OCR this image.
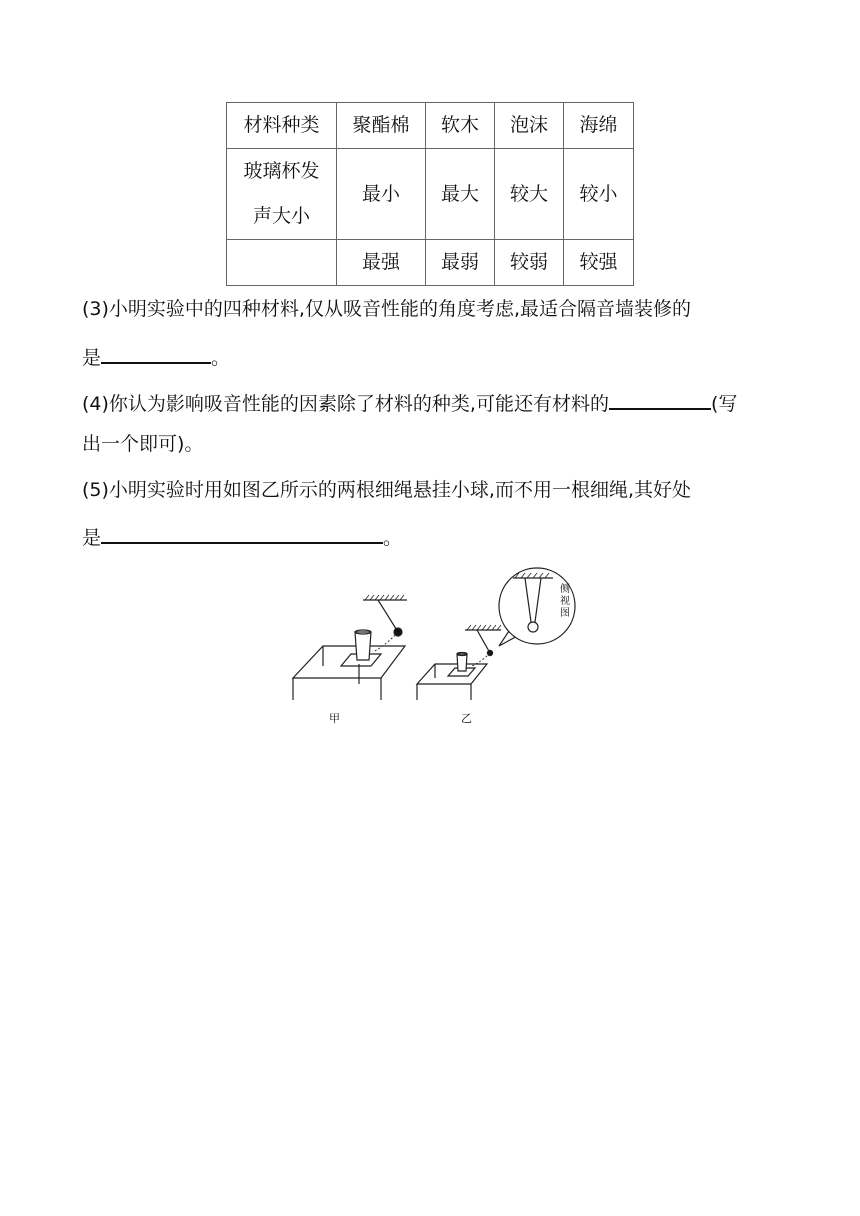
材料种类	聚酯棉	软木	泡沫	海绵

玻璃杯发
声大小	最小	最大	较大	较小
	最强	最弱	较弱	较强
(3)小明实验中的四种材料,仅从吸音性能的角度考虑,最适合隔音墙装修的
是	。
(4)你认为影响吸音性能的因素除了材料的种类,可能还有材料的	(写
出一个即可)。
(5)小明实验时用如图乙所示的两根细绳悬挂小球,而不用一根细绳,其好处
是	。
侧
视
图
甲	乙
